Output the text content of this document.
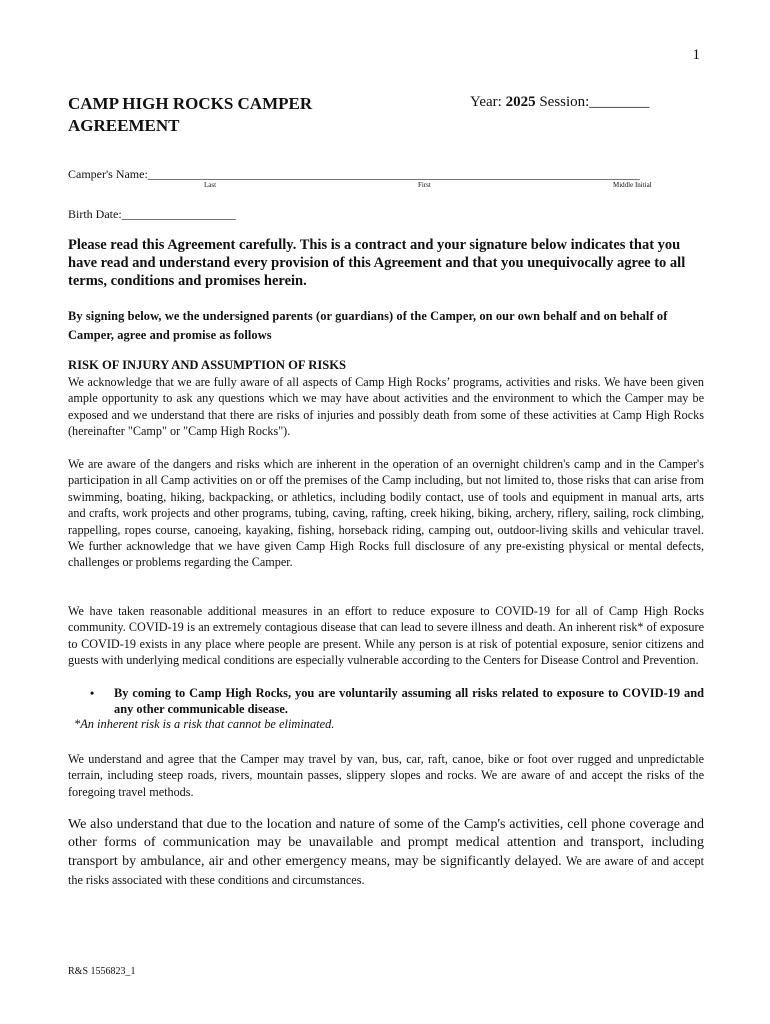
1
CAMP HIGH ROCKS CAMPER AGREEMENT
Year: 2025 Session:________
Camper's Name:__________________________________________________________________________________
Last	First	Middle Initial
Birth Date:___________________
Please read this Agreement carefully. This is a contract and your signature below indicates that you have read and understand every provision of this Agreement and that you unequivocally agree to all terms, conditions and promises herein.
By signing below, we the undersigned parents (or guardians) of the Camper, on our own behalf and on behalf of Camper, agree and promise as follows
RISK OF INJURY AND ASSUMPTION OF RISKS
We acknowledge that we are fully aware of all aspects of Camp High Rocks’ programs, activities and risks. We have been given ample opportunity to ask any questions which we may have about activities and the environment to which the Camper may be exposed and we understand that there are risks of injuries and possibly death from some of these activities at Camp High Rocks (hereinafter "Camp" or "Camp High Rocks").
We are aware of the dangers and risks which are inherent in the operation of an overnight children's camp and in the Camper's participation in all Camp activities on or off the premises of the Camp including, but not limited to, those risks that can arise from swimming, boating, hiking, backpacking, or athletics, including bodily contact, use of tools and equipment in manual arts, arts and crafts, work projects and other programs, tubing, caving, rafting, creek hiking, biking, archery, riflery, sailing, rock climbing, rappelling, ropes course, canoeing, kayaking, fishing, horseback riding, camping out, outdoor-living skills and vehicular travel. We further acknowledge that we have given Camp High Rocks full disclosure of any pre-existing physical or mental defects, challenges or problems regarding the Camper.
We have taken reasonable additional measures in an effort to reduce exposure to COVID-19 for all of Camp High Rocks community. COVID-19 is an extremely contagious disease that can lead to severe illness and death. An inherent risk* of exposure to COVID-19 exists in any place where people are present. While any person is at risk of potential exposure, senior citizens and guests with underlying medical conditions are especially vulnerable according to the Centers for Disease Control and Prevention.
•	By coming to Camp High Rocks, you are voluntarily assuming all risks related to exposure to COVID-19 and any other communicable disease.
*An inherent risk is a risk that cannot be eliminated.
We understand and agree that the Camper may travel by van, bus, car, raft, canoe, bike or foot over rugged and unpredictable terrain, including steep roads, rivers, mountain passes, slippery slopes and rocks. We are aware of and accept the risks of the foregoing travel methods.
We also understand that due to the location and nature of some of the Camp's activities, cell phone coverage and other forms of communication may be unavailable and prompt medical attention and transport, including transport by ambulance, air and other emergency means, may be significantly delayed. We are aware of and accept the risks associated with these conditions and circumstances.
R&S 1556823_1
